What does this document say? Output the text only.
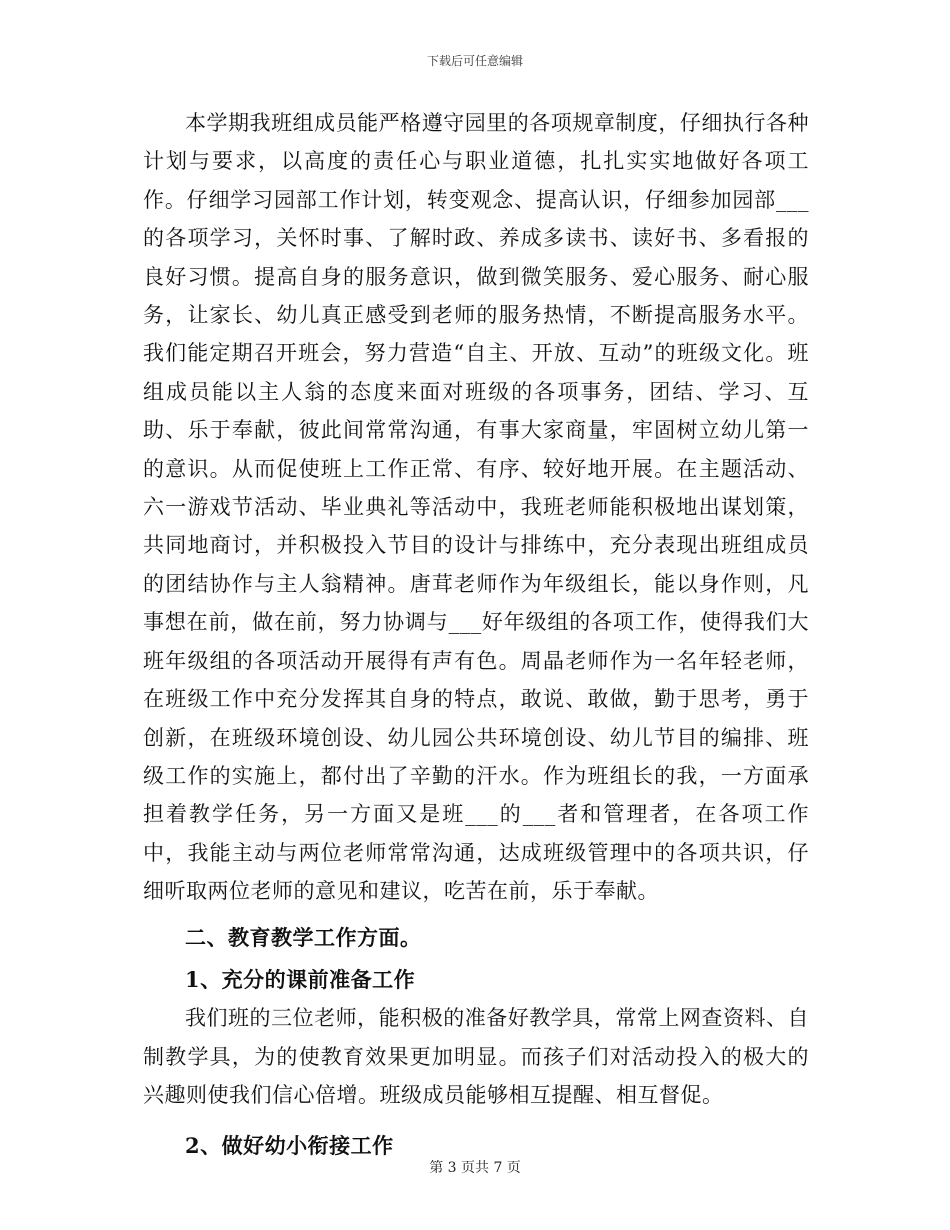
下载后可任意编辑

本学期我班组成员能严格遵守园里的各项规章制度，仔细执行各种计划与要求，以高度的责任心与职业道德，扎扎实实地做好各项工作。仔细学习园部工作计划，转变观念、提高认识，仔细参加园部___的各项学习，关怀时事、了解时政、养成多读书、读好书、多看报的良好习惯。提高自身的服务意识，做到微笑服务、爱心服务、耐心服务，让家长、幼儿真正感受到老师的服务热情，不断提高服务水平。我们能定期召开班会，努力营造“自主、开放、互动”的班级文化。班组成员能以主人翁的态度来面对班级的各项事务，团结、学习、互助、乐于奉献，彼此间常常沟通，有事大家商量，牢固树立幼儿第一的意识。从而促使班上工作正常、有序、较好地开展。在主题活动、六一游戏节活动、毕业典礼等活动中，我班老师能积极地出谋划策，共同地商讨，并积极投入节目的设计与排练中，充分表现出班组成员的团结协作与主人翁精神。唐茸老师作为年级组长，能以身作则，凡事想在前，做在前，努力协调与___好年级组的各项工作，使得我们大班年级组的各项活动开展得有声有色。周晶老师作为一名年轻老师，在班级工作中充分发挥其自身的特点，敢说、敢做，勤于思考，勇于创新，在班级环境创设、幼儿园公共环境创设、幼儿节目的编排、班级工作的实施上，都付出了辛勤的汗水。作为班组长的我，一方面承担着教学任务，另一方面又是班___的___者和管理者，在各项工作中，我能主动与两位老师常常沟通，达成班级管理中的各项共识，仔细听取两位老师的意见和建议，吃苦在前，乐于奉献。

二、教育教学工作方面。

1、充分的课前准备工作

我们班的三位老师，能积极的准备好教学具，常常上网查资料、自制教学具，为的使教育效果更加明显。而孩子们对活动投入的极大的兴趣则使我们信心倍增。班级成员能够相互提醒、相互督促。

2、做好幼小衔接工作

第 3 页共 7 页
